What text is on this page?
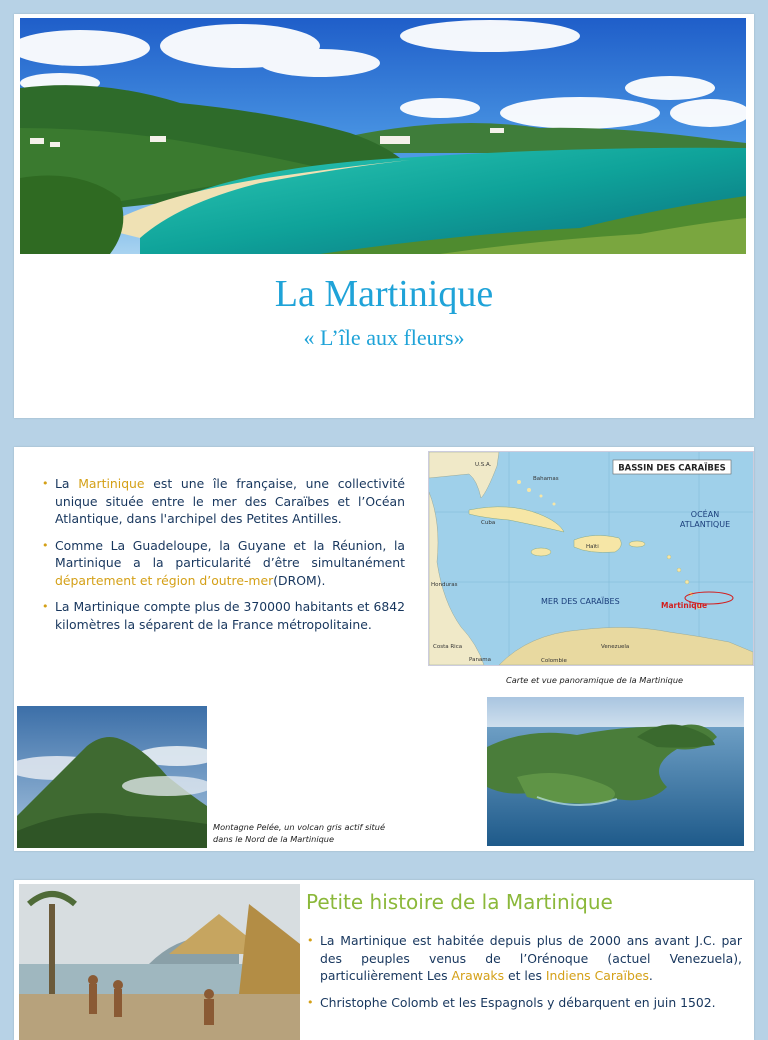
La Martinique
« L’île aux fleurs»
• La Martinique est une île française, une collectivité unique située entre le mer des Caraïbes et l’Océan Atlantique, dans l'archipel des Petites Antilles.
• Comme La Guadeloupe, la Guyane et la Réunion, la Martinique a la particularité d’être simultanément département et région d’outre-mer(DROM).
• La Martinique compte plus de 370000 habitants et 6842 kilomètres la séparent de la France métropolitaine.
BASSIN DES CARAÏBES
OCÉAN
ATLANTIQUE
MER DES CARAÏBES	Martinique
U.S.A.
Bahamas
Cuba
Haïti
Honduras
Costa Rica
Panama
Venezuela
Colombie
Carte et vue panoramique de la Martinique
Montagne Pelée, un volcan gris actif situé dans le Nord de la Martinique
Petite histoire de la Martinique
• La Martinique est habitée depuis plus de 2000 ans avant J.C. par des peuples venus de l’Orénoque (actuel Venezuela), particulièrement Les Arawaks et les Indiens Caraïbes.
• Christophe Colomb et les Espagnols y débarquent en juin 1502.
